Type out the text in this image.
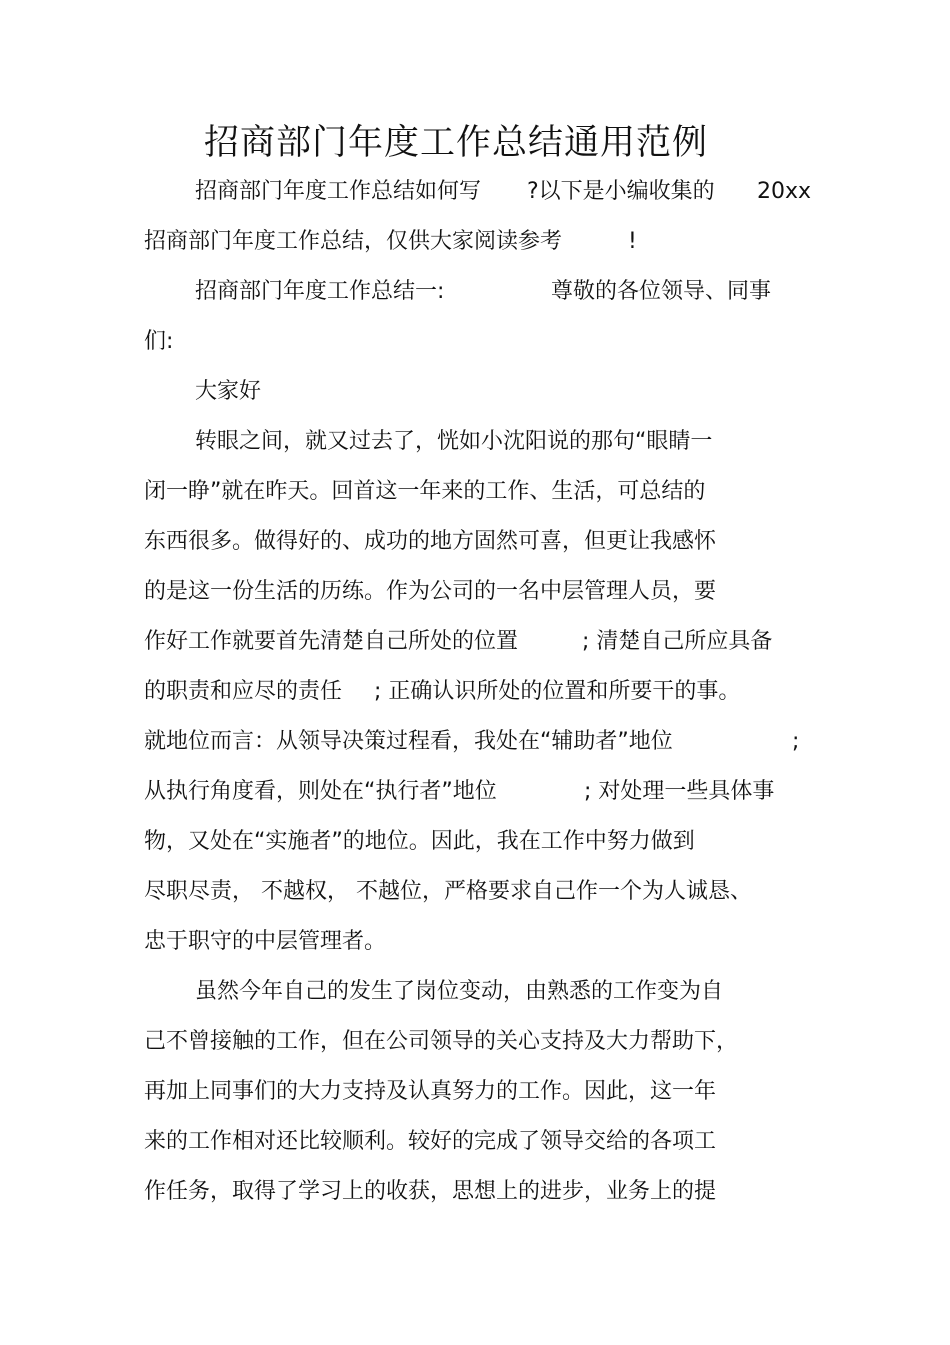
招商部门年度工作总结通用范例
招商部门年度工作总结如何写 ?以下是小编收集的 20xx
招商部门年度工作总结，仅供大家阅读参考	!
招商部门年度工作总结一:	尊敬的各位领导、同事
们:
大家好
转眼之间，就又过去了，恍如小沈阳说的那句“眼睛一
闭一睁”就在昨天。回首这一年来的工作、生活，可总结的
东西很多。做得好的、成功的地方固然可喜，但更让我感怀
的是这一份生活的历练。作为公司的一名中层管理人员，要
作好工作就要首先清楚自己所处的位置	; 清楚自己所应具备
的职责和应尽的责任 ; 正确认识所处的位置和所要干的事。
就地位而言：从领导决策过程看，我处在“辅助者”地位	;
从执行角度看，则处在“执行者”地位	; 对处理一些具体事
物，又处在“实施者”的地位。因此，我在工作中努力做到
尽职尽责， 不越权， 不越位，严格要求自己作一个为人诚恳、
忠于职守的中层管理者。
虽然今年自己的发生了岗位变动，由熟悉的工作变为自
己不曾接触的工作，但在公司领导的关心支持及大力帮助下，
再加上同事们的大力支持及认真努力的工作。因此，这一年
来的工作相对还比较顺利。较好的完成了领导交给的各项工
作任务，取得了学习上的收获，思想上的进步，业务上的提
